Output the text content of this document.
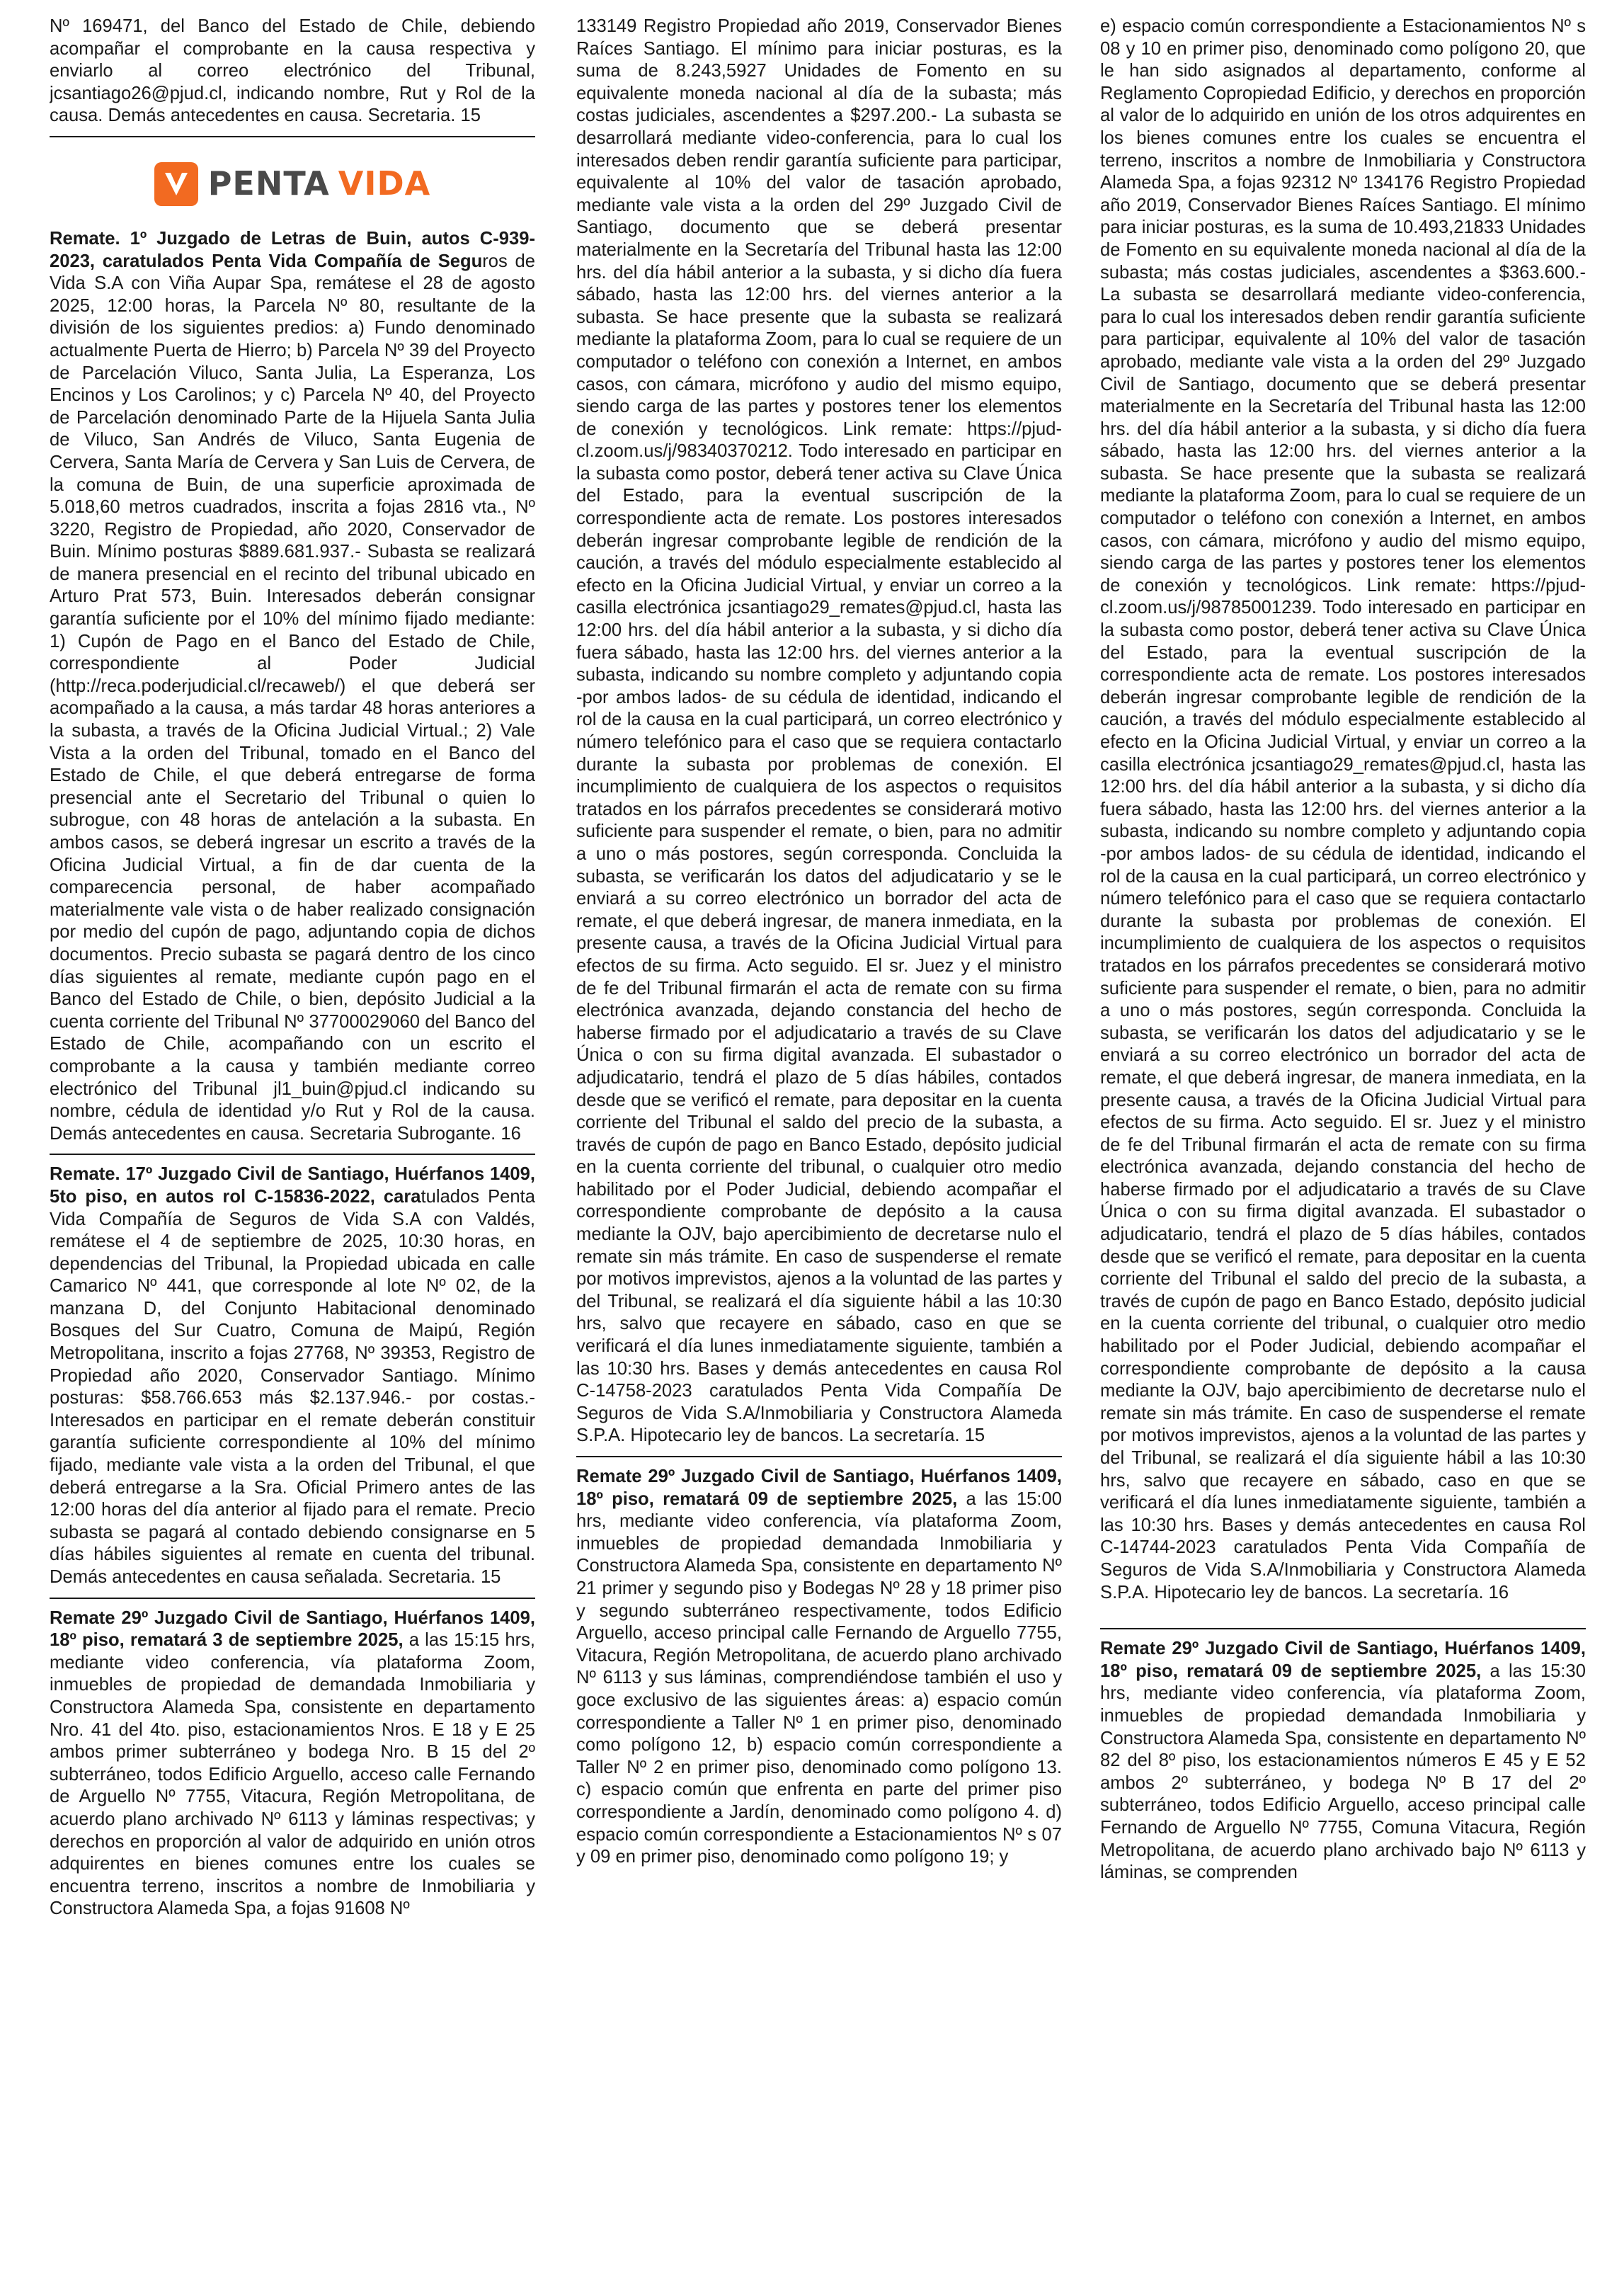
Nº 169471, del Banco del Estado de Chile, debiendo acompañar el comprobante en la causa respectiva y enviarlo al correo electrónico del Tribunal, jcsantiago26@pjud.cl, indicando nombre, Rut y Rol de la causa. Demás antecedentes en causa. Secretaria. 15

PENTA VIDA

Remate. 1º Juzgado de Letras de Buin, autos C-939-2023, caratulados Penta Vida Compañía de Seguros de Vida S.A con Viña Aupar Spa, remátese el 28 de agosto 2025, 12:00 horas, la Parcela Nº 80, resultante de la división de los siguientes predios: a) Fundo denominado actualmente Puerta de Hierro; b) Parcela Nº 39 del Proyecto de Parcelación Viluco, Santa Julia, La Esperanza, Los Encinos y Los Carolinos; y c) Parcela Nº 40, del Proyecto de Parcelación denominado Parte de la Hijuela Santa Julia de Viluco, San Andrés de Viluco, Santa Eugenia de Cervera, Santa María de Cervera y San Luis de Cervera, de la comuna de Buin, de una superficie aproximada de 5.018,60 metros cuadrados, inscrita a fojas 2816 vta., Nº 3220, Registro de Propiedad, año 2020, Conservador de Buin. Mínimo posturas $889.681.937.- Subasta se realizará de manera presencial en el recinto del tribunal ubicado en Arturo Prat 573, Buin. Interesados deberán consignar garantía suficiente por el 10% del mínimo fijado mediante: 1) Cupón de Pago en el Banco del Estado de Chile, correspondiente al Poder Judicial (http://reca.poderjudicial.cl/recaweb/) el que deberá ser acompañado a la causa, a más tardar 48 horas anteriores a la subasta, a través de la Oficina Judicial Virtual.; 2) Vale Vista a la orden del Tribunal, tomado en el Banco del Estado de Chile, el que deberá entregarse de forma presencial ante el Secretario del Tribunal o quien lo subrogue, con 48 horas de antelación a la subasta. En ambos casos, se deberá ingresar un escrito a través de la Oficina Judicial Virtual, a fin de dar cuenta de la comparecencia personal, de haber acompañado materialmente vale vista o de haber realizado consignación por medio del cupón de pago, adjuntando copia de dichos documentos. Precio subasta se pagará dentro de los cinco días siguientes al remate, mediante cupón pago en el Banco del Estado de Chile, o bien, depósito Judicial a la cuenta corriente del Tribunal Nº 37700029060 del Banco del Estado de Chile, acompañando con un escrito el comprobante a la causa y también mediante correo electrónico del Tribunal jl1_buin@pjud.cl indicando su nombre, cédula de identidad y/o Rut y Rol de la causa. Demás antecedentes en causa. Secretaria Subrogante. 16

Remate. 17º Juzgado Civil de Santiago, Huérfanos 1409, 5to piso, en autos rol C-15836-2022, caratulados Penta Vida Compañía de Seguros de Vida S.A con Valdés, remátese el 4 de septiembre de 2025, 10:30 horas, en dependencias del Tribunal, la Propiedad ubicada en calle Camarico Nº 441, que corresponde al lote Nº 02, de la manzana D, del Conjunto Habitacional denominado Bosques del Sur Cuatro, Comuna de Maipú, Región Metropolitana, inscrito a fojas 27768, Nº 39353, Registro de Propiedad año 2020, Conservador Santiago. Mínimo posturas: $58.766.653 más $2.137.946.- por costas.- Interesados en participar en el remate deberán constituir garantía suficiente correspondiente al 10% del mínimo fijado, mediante vale vista a la orden del Tribunal, el que deberá entregarse a la Sra. Oficial Primero antes de las 12:00 horas del día anterior al fijado para el remate. Precio subasta se pagará al contado debiendo consignarse en 5 días hábiles siguientes al remate en cuenta del tribunal. Demás antecedentes en causa señalada. Secretaria. 15

Remate 29º Juzgado Civil de Santiago, Huérfanos 1409, 18º piso, rematará 3 de septiembre 2025, a las 15:15 hrs, mediante video conferencia, vía plataforma Zoom, inmuebles de propiedad de demandada Inmobiliaria y Constructora Alameda Spa, consistente en departamento Nro. 41 del 4to. piso, estacionamientos Nros. E 18 y E 25 ambos primer subterráneo y bodega Nro. B 15 del 2º subterráneo, todos Edificio Arguello, acceso calle Fernando de Arguello Nº 7755, Vitacura, Región Metropolitana, de acuerdo plano archivado Nº 6113 y láminas respectivas; y derechos en proporción al valor de adquirido en unión otros adquirentes en bienes comunes entre los cuales se encuentra terreno, inscritos a nombre de Inmobiliaria y Constructora Alameda Spa, a fojas 91608 Nº

133149 Registro Propiedad año 2019, Conservador Bienes Raíces Santiago. El mínimo para iniciar posturas, es la suma de 8.243,5927 Unidades de Fomento en su equivalente moneda nacional al día de la subasta; más costas judiciales, ascendentes a $297.200.- La subasta se desarrollará mediante video-conferencia, para lo cual los interesados deben rendir garantía suficiente para participar, equivalente al 10% del valor de tasación aprobado, mediante vale vista a la orden del 29º Juzgado Civil de Santiago, documento que se deberá presentar materialmente en la Secretaría del Tribunal hasta las 12:00 hrs. del día hábil anterior a la subasta, y si dicho día fuera sábado, hasta las 12:00 hrs. del viernes anterior a la subasta. Se hace presente que la subasta se realizará mediante la plataforma Zoom, para lo cual se requiere de un computador o teléfono con conexión a Internet, en ambos casos, con cámara, micrófono y audio del mismo equipo, siendo carga de las partes y postores tener los elementos de conexión y tecnológicos. Link remate: https://pjud-cl.zoom.us/j/98340370212. Todo interesado en participar en la subasta como postor, deberá tener activa su Clave Única del Estado, para la eventual suscripción de la correspondiente acta de remate. Los postores interesados deberán ingresar comprobante legible de rendición de la caución, a través del módulo especialmente establecido al efecto en la Oficina Judicial Virtual, y enviar un correo a la casilla electrónica jcsantiago29_remates@pjud.cl, hasta las 12:00 hrs. del día hábil anterior a la subasta, y si dicho día fuera sábado, hasta las 12:00 hrs. del viernes anterior a la subasta, indicando su nombre completo y adjuntando copia -por ambos lados- de su cédula de identidad, indicando el rol de la causa en la cual participará, un correo electrónico y número telefónico para el caso que se requiera contactarlo durante la subasta por problemas de conexión. El incumplimiento de cualquiera de los aspectos o requisitos tratados en los párrafos precedentes se considerará motivo suficiente para suspender el remate, o bien, para no admitir a uno o más postores, según corresponda. Concluida la subasta, se verificarán los datos del adjudicatario y se le enviará a su correo electrónico un borrador del acta de remate, el que deberá ingresar, de manera inmediata, en la presente causa, a través de la Oficina Judicial Virtual para efectos de su firma. Acto seguido. El sr. Juez y el ministro de fe del Tribunal firmarán el acta de remate con su firma electrónica avanzada, dejando constancia del hecho de haberse firmado por el adjudicatario a través de su Clave Única o con su firma digital avanzada. El subastador o adjudicatario, tendrá el plazo de 5 días hábiles, contados desde que se verificó el remate, para depositar en la cuenta corriente del Tribunal el saldo del precio de la subasta, a través de cupón de pago en Banco Estado, depósito judicial en la cuenta corriente del tribunal, o cualquier otro medio habilitado por el Poder Judicial, debiendo acompañar el correspondiente comprobante de depósito a la causa mediante la OJV, bajo apercibimiento de decretarse nulo el remate sin más trámite. En caso de suspenderse el remate por motivos imprevistos, ajenos a la voluntad de las partes y del Tribunal, se realizará el día siguiente hábil a las 10:30 hrs, salvo que recayere en sábado, caso en que se verificará el día lunes inmediatamente siguiente, también a las 10:30 hrs. Bases y demás antecedentes en causa Rol C-14758-2023 caratulados Penta Vida Compañía De Seguros de Vida S.A/Inmobiliaria y Constructora Alameda S.P.A. Hipotecario ley de bancos. La secretaría. 15

Remate 29º Juzgado Civil de Santiago, Huérfanos 1409, 18º piso, rematará 09 de septiembre 2025, a las 15:00 hrs, mediante video conferencia, vía plataforma Zoom, inmuebles de propiedad demandada Inmobiliaria y Constructora Alameda Spa, consistente en departamento Nº 21 primer y segundo piso y Bodegas Nº 28 y 18 primer piso y segundo subterráneo respectivamente, todos Edificio Arguello, acceso principal calle Fernando de Arguello 7755, Vitacura, Región Metropolitana, de acuerdo plano archivado Nº 6113 y sus láminas, comprendiéndose también el uso y goce exclusivo de las siguientes áreas: a) espacio común correspondiente a Taller Nº 1 en primer piso, denominado como polígono 12, b) espacio común correspondiente a Taller Nº 2 en primer piso, denominado como polígono 13. c) espacio común que enfrenta en parte del primer piso correspondiente a Jardín, denominado como polígono 4. d) espacio común correspondiente a Estacionamientos Nº s 07 y 09 en primer piso, denominado como polígono 19; y

e) espacio común correspondiente a Estacionamientos Nº s 08 y 10 en primer piso, denominado como polígono 20, que le han sido asignados al departamento, conforme al Reglamento Copropiedad Edificio, y derechos en proporción al valor de lo adquirido en unión de los otros adquirentes en los bienes comunes entre los cuales se encuentra el terreno, inscritos a nombre de Inmobiliaria y Constructora Alameda Spa, a fojas 92312 Nº 134176 Registro Propiedad año 2019, Conservador Bienes Raíces Santiago. El mínimo para iniciar posturas, es la suma de 10.493,21833 Unidades de Fomento en su equivalente moneda nacional al día de la subasta; más costas judiciales, ascendentes a $363.600.- La subasta se desarrollará mediante video-conferencia, para lo cual los interesados deben rendir garantía suficiente para participar, equivalente al 10% del valor de tasación aprobado, mediante vale vista a la orden del 29º Juzgado Civil de Santiago, documento que se deberá presentar materialmente en la Secretaría del Tribunal hasta las 12:00 hrs. del día hábil anterior a la subasta, y si dicho día fuera sábado, hasta las 12:00 hrs. del viernes anterior a la subasta. Se hace presente que la subasta se realizará mediante la plataforma Zoom, para lo cual se requiere de un computador o teléfono con conexión a Internet, en ambos casos, con cámara, micrófono y audio del mismo equipo, siendo carga de las partes y postores tener los elementos de conexión y tecnológicos. Link remate: https://pjud-cl.zoom.us/j/98785001239. Todo interesado en participar en la subasta como postor, deberá tener activa su Clave Única del Estado, para la eventual suscripción de la correspondiente acta de remate. Los postores interesados deberán ingresar comprobante legible de rendición de la caución, a través del módulo especialmente establecido al efecto en la Oficina Judicial Virtual, y enviar un correo a la casilla electrónica jcsantiago29_remates@pjud.cl, hasta las 12:00 hrs. del día hábil anterior a la subasta, y si dicho día fuera sábado, hasta las 12:00 hrs. del viernes anterior a la subasta, indicando su nombre completo y adjuntando copia -por ambos lados- de su cédula de identidad, indicando el rol de la causa en la cual participará, un correo electrónico y número telefónico para el caso que se requiera contactarlo durante la subasta por problemas de conexión. El incumplimiento de cualquiera de los aspectos o requisitos tratados en los párrafos precedentes se considerará motivo suficiente para suspender el remate, o bien, para no admitir a uno o más postores, según corresponda. Concluida la subasta, se verificarán los datos del adjudicatario y se le enviará a su correo electrónico un borrador del acta de remate, el que deberá ingresar, de manera inmediata, en la presente causa, a través de la Oficina Judicial Virtual para efectos de su firma. Acto seguido. El sr. Juez y el ministro de fe del Tribunal firmarán el acta de remate con su firma electrónica avanzada, dejando constancia del hecho de haberse firmado por el adjudicatario a través de su Clave Única o con su firma digital avanzada. El subastador o adjudicatario, tendrá el plazo de 5 días hábiles, contados desde que se verificó el remate, para depositar en la cuenta corriente del Tribunal el saldo del precio de la subasta, a través de cupón de pago en Banco Estado, depósito judicial en la cuenta corriente del tribunal, o cualquier otro medio habilitado por el Poder Judicial, debiendo acompañar el correspondiente comprobante de depósito a la causa mediante la OJV, bajo apercibimiento de decretarse nulo el remate sin más trámite. En caso de suspenderse el remate por motivos imprevistos, ajenos a la voluntad de las partes y del Tribunal, se realizará el día siguiente hábil a las 10:30 hrs, salvo que recayere en sábado, caso en que se verificará el día lunes inmediatamente siguiente, también a las 10:30 hrs. Bases y demás antecedentes en causa Rol C-14744-2023 caratulados Penta Vida Compañía de Seguros de Vida S.A/Inmobiliaria y Constructora Alameda S.P.A. Hipotecario ley de bancos. La secretaría. 16

Remate 29º Juzgado Civil de Santiago, Huérfanos 1409, 18º piso, rematará 09 de septiembre 2025, a las 15:30 hrs, mediante video conferencia, vía plataforma Zoom, inmuebles de propiedad demandada Inmobiliaria y Constructora Alameda Spa, consistente en departamento Nº 82 del 8º piso, los estacionamientos números E 45 y E 52 ambos 2º subterráneo, y bodega Nº B 17 del 2º subterráneo, todos Edificio Arguello, acceso principal calle Fernando de Arguello Nº 7755, Comuna Vitacura, Región Metropolitana, de acuerdo plano archivado bajo Nº 6113 y láminas, se comprenden
